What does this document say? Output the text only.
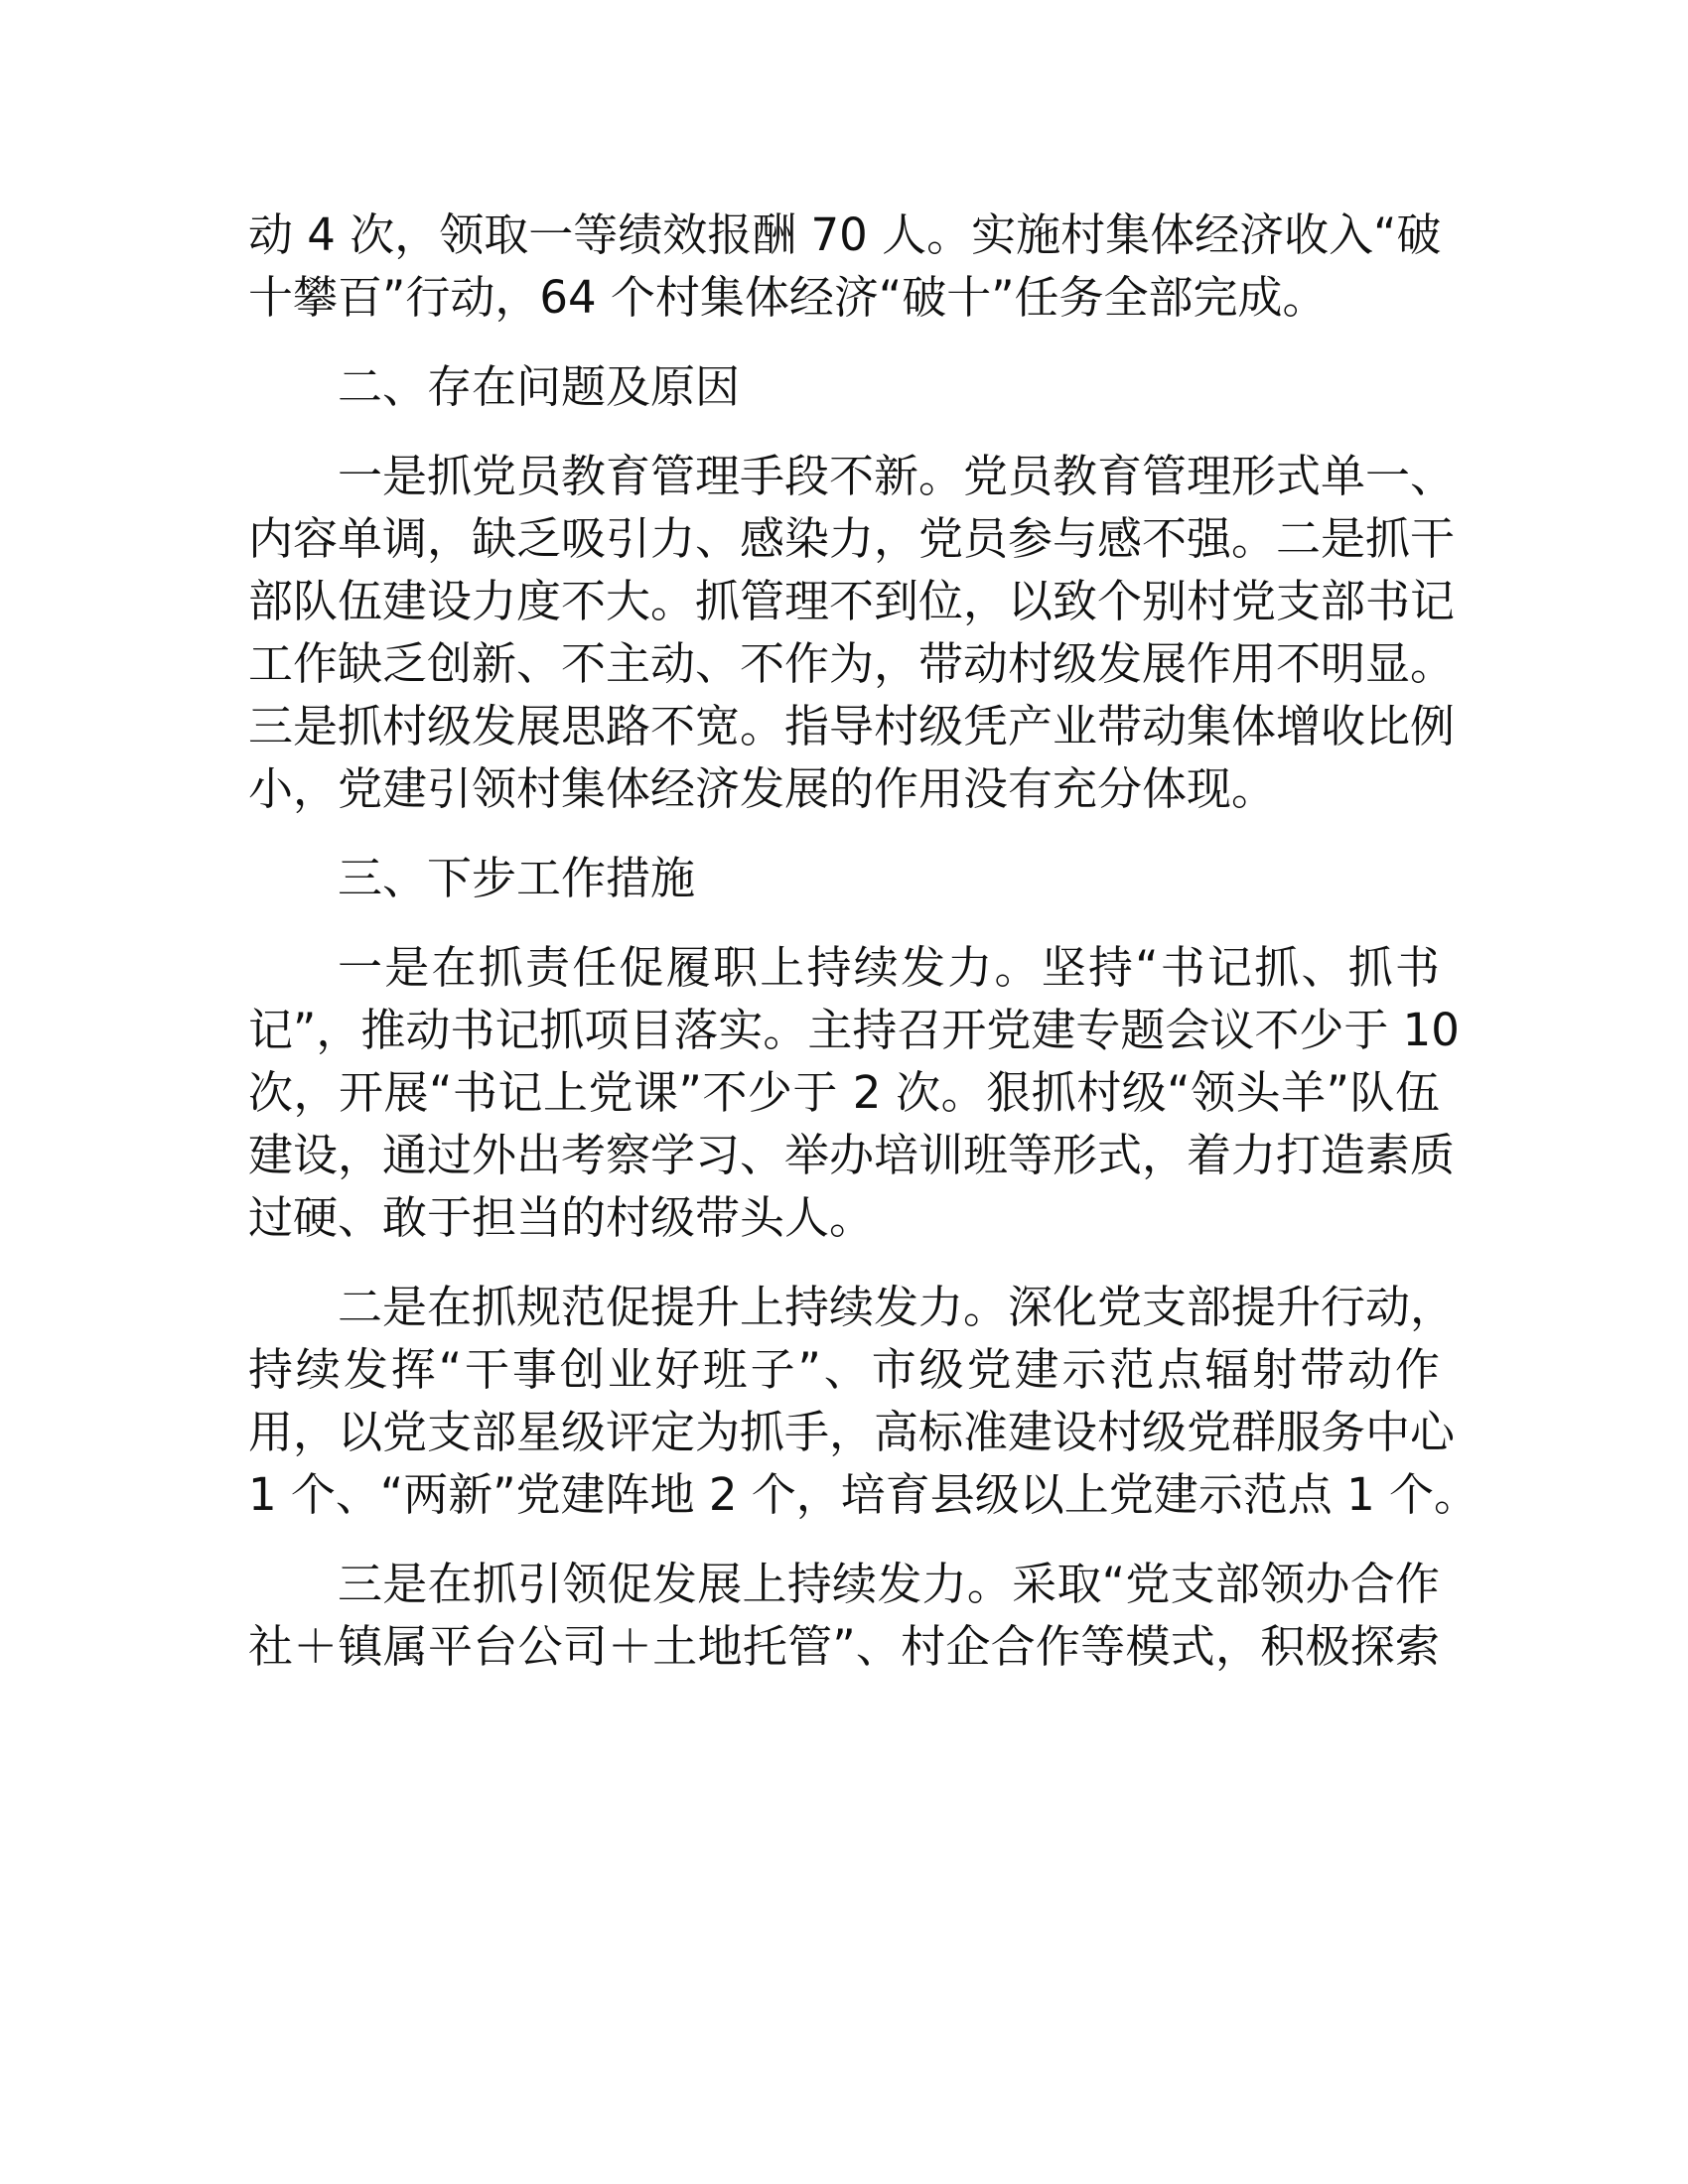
动 4 次，领取一等绩效报酬 70 人。实施村集体经济收入“破
十攀百”行动，64 个村集体经济“破十”任务全部完成。
二、存在问题及原因
一是抓党员教育管理手段不新。党员教育管理形式单一、
内容单调，缺乏吸引力、感染力，党员参与感不强。二是抓干
部队伍建设力度不大。抓管理不到位，以致个别村党支部书记
工作缺乏创新、不主动、不作为，带动村级发展作用不明显。
三是抓村级发展思路不宽。指导村级凭产业带动集体增收比例
小，党建引领村集体经济发展的作用没有充分体现。
三、下步工作措施
一是在抓责任促履职上持续发力。坚持“书记抓、抓书
记”，推动书记抓项目落实。主持召开党建专题会议不少于 10
次，开展“书记上党课”不少于 2 次。狠抓村级“领头羊”队伍
建设，通过外出考察学习、举办培训班等形式，着力打造素质
过硬、敢于担当的村级带头人。
二是在抓规范促提升上持续发力。深化党支部提升行动，
持续发挥“干事创业好班子”、市级党建示范点辐射带动作
用，以党支部星级评定为抓手，高标准建设村级党群服务中心
1 个、“两新”党建阵地 2 个，培育县级以上党建示范点 1 个。
三是在抓引领促发展上持续发力。采取“党支部领办合作
社＋镇属平台公司＋土地托管”、村企合作等模式，积极探索
